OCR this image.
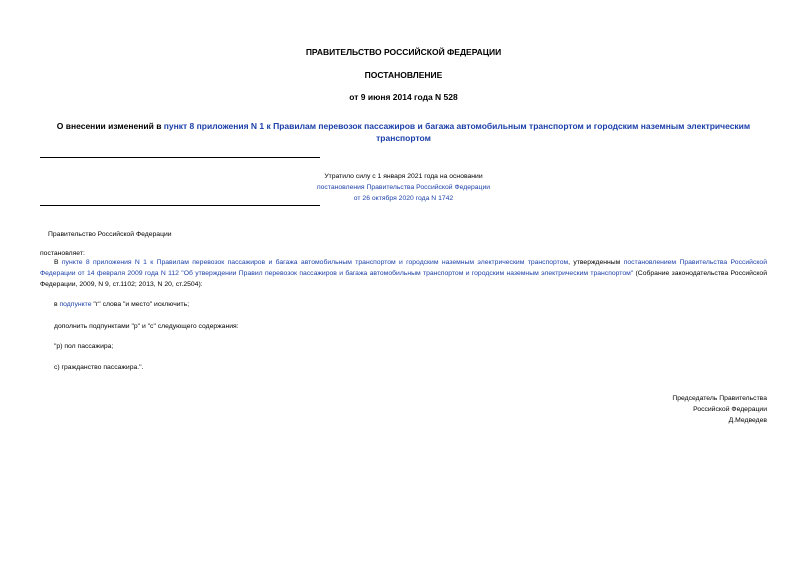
ПРАВИТЕЛЬСТВО РОССИЙСКОЙ ФЕДЕРАЦИИ
ПОСТАНОВЛЕНИЕ
от 9 июня 2014 года N 528
О внесении изменений в пункт 8 приложения N 1 к Правилам перевозок пассажиров и багажа автомобильным транспортом и городским наземным электрическим транспортом
Утратило силу с 1 января 2021 года на основании
постановления Правительства Российской Федерации
от 26 октября 2020 года N 1742
Правительство Российской Федерации
постановляет:
В пункте 8 приложения N 1 к Правилам перевозок пассажиров и багажа автомобильным транспортом и городским наземным электрическим транспортом, утвержденным постановлением Правительства Российской Федерации от 14 февраля 2009 года N 112 "Об утверждении Правил перевозок пассажиров и багажа автомобильным транспортом и городским наземным электрическим транспортом" (Собрание законодательства Российской Федерации, 2009, N 9, ст.1102; 2013, N 20, ст.2504):
в подпункте "г" слова "и место" исключить;
дополнить подпунктами "р" и "с" следующего содержания:
"р) пол пассажира;
с) гражданство пассажира.".
Председатель Правительства
Российской Федерации
Д.Медведев
